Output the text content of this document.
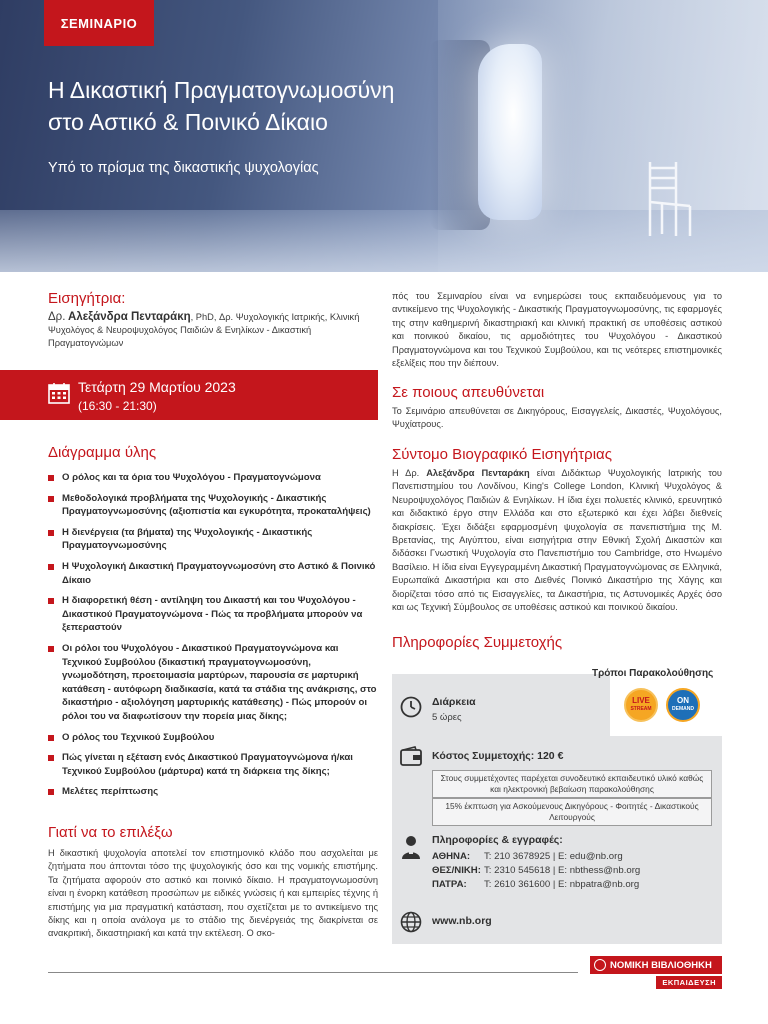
ΣΕΜΙΝΑΡΙΟ
Η Δικαστική Πραγματογνωμοσύνη στο Αστικό & Ποινικό Δίκαιο
Υπό το πρίσμα της δικαστικής ψυχολογίας
Εισηγήτρια:
Δρ. Αλεξάνδρα Πενταράκη, PhD, Δρ. Ψυχολογικής Ιατρικής, Κλινική Ψυχολόγος & Νευροψυχολόγος Παιδιών & Ενηλίκων - Δικαστική Πραγματογνώμων
Τετάρτη 29 Μαρτίου 2023
(16:30 - 21:30)
Διάγραμμα ύλης
Ο ρόλος και τα όρια του Ψυχολόγου - Πραγματογνώμονα
Μεθοδολογικά προβλήματα της Ψυχολογικής - Δικαστικής Πραγματογνωμοσύνης (αξιοπιστία και εγκυρότητα, προκαταλήψεις)
Η διενέργεια (τα βήματα) της Ψυχολογικής - Δικαστικής Πραγματογνωμοσύνης
Η Ψυχολογική Δικαστική Πραγματογνωμοσύνη στο Αστικό & Ποινικό Δίκαιο
Η διαφορετική θέση - αντίληψη του Δικαστή και του Ψυχολόγου - Δικαστικού Πραγματογνώμονα - Πώς τα προβλήματα μπορούν να ξεπεραστούν
Οι ρόλοι του Ψυχολόγου - Δικαστικού Πραγματογνώμονα και Τεχνικού Συμβούλου (δικαστική πραγματογνωμοσύνη, γνωμοδότηση, προετοιμασία μαρτύρων, παρουσία σε μαρτυρική κατάθεση - αυτόφωρη διαδικασία, κατά τα στάδια της ανάκρισης, στο δικαστήριο - αξιολόγηση μαρτυρικής κατάθεσης) - Πώς μπορούν οι ρόλοι του να διαφωτίσουν την πορεία μιας δίκης;
Ο ρόλος του Τεχνικού Συμβούλου
Πώς γίνεται η εξέταση ενός Δικαστικού Πραγματογνώμονα ή/και Τεχνικού Συμβούλου (μάρτυρα) κατά τη διάρκεια της δίκης;
Μελέτες περίπτωσης
Γιατί να το επιλέξω
Η δικαστική ψυχολογία αποτελεί τον επιστημονικό κλάδο που ασχολείται με ζητήματα που άπτονται τόσο της ψυχολογικής όσο και της νομικής επιστήμης. Τα ζητήματα αφορούν στο αστικό και ποινικό δίκαιο. Η πραγματογνωμοσύνη είναι η ένορκη κατάθεση προσώπων με ειδικές γνώσεις ή και εμπειρίες τέχνης ή επιστήμης για μια πραγματική κατάσταση, που σχετίζεται με το αντικείμενο της δίκης και η οποία ανάλογα με το στάδιο της διενέργειάς της διακρίνεται σε ανακριτική, δικαστηριακή και κατά την εκτέλεση. Ο σκο-
πός του Σεμιναρίου είναι να ενημερώσει τους εκπαιδευόμενους για το αντικείμενο της Ψυχολογικής - Δικαστικής Πραγματογνωμοσύνης, τις εφαρμογές της στην καθημερινή δικαστηριακή και κλινική πρακτική σε υποθέσεις αστικού και ποινικού δικαίου, τις αρμοδιότητες του Ψυχολόγου - Δικαστικού Πραγματογνώμονα και του Τεχνικού Συμβούλου, και τις νεότερες επιστημονικές εξελίξεις που την διέπουν.
Σε ποιους απευθύνεται
Το Σεμινάριο απευθύνεται σε Δικηγόρους, Εισαγγελείς, Δικαστές, Ψυχολόγους, Ψυχίατρους.
Σύντομο Βιογραφικό Εισηγήτριας
Η Δρ. Αλεξάνδρα Πενταράκη είναι Διδάκτωρ Ψυχολογικής Ιατρικής του Πανεπιστημίου του Λονδίνου, King's College London, Κλινική Ψυχολόγος & Νευροψυχολόγος Παιδιών & Ενηλίκων. Η ίδια έχει πολυετές κλινικό, ερευνητικό και διδακτικό έργο στην Ελλάδα και στο εξωτερικό και έχει λάβει διεθνείς διακρίσεις. Έχει διδάξει εφαρμοσμένη ψυχολογία σε πανεπιστήμια της Μ. Βρετανίας, της Αιγύπτου, είναι εισηγήτρια στην Εθνική Σχολή Δικαστών και διδάσκει Γνωστική Ψυχολογία στο Πανεπιστήμιο του Cambridge, στο Ηνωμένο Βασίλειο. Η ίδια είναι Εγγεγραμμένη Δικαστική Πραγματογνώμονας σε Ελληνικά, Ευρωπαϊκά Δικαστήρια και στο Διεθνές Ποινικό Δικαστήριο της Χάγης και διορίζεται τόσο από τις Εισαγγελίες, τα Δικαστήρια, τις Αστυνομικές Αρχές όσο και ως Τεχνική Σύμβουλος σε υποθέσεις αστικού και ποινικού δικαίου.
Πληροφορίες Συμμετοχής
Διάρκεια
5 ώρες
Κόστος Συμμετοχής: 120 €
Στους συμμετέχοντες παρέχεται συνοδευτικό εκπαιδευτικό υλικό καθώς και ηλεκτρονική βεβαίωση παρακολούθησης
15% έκπτωση για Ασκούμενους Δικηγόρους - Φοιτητές - Δικαστικούς Λειτουργούς
Πληροφορίες & εγγραφές:
ΑΘΗΝΑ: T: 210 3678925 | E: edu@nb.org
ΘΕΣ/ΝΙΚΗ: T: 2310 545618 | E: nbthess@nb.org
ΠΑΤΡΑ: T: 2610 361600 | E: nbpatra@nb.org
www.nb.org
Τρόποι Παρακολούθησης
LIVE
STREAM
ON
DEMAND
ΝΟΜΙΚΗ ΒΙΒΛΙΟΘΗΚΗ
ΕΚΠΑΙΔΕΥΣΗ
